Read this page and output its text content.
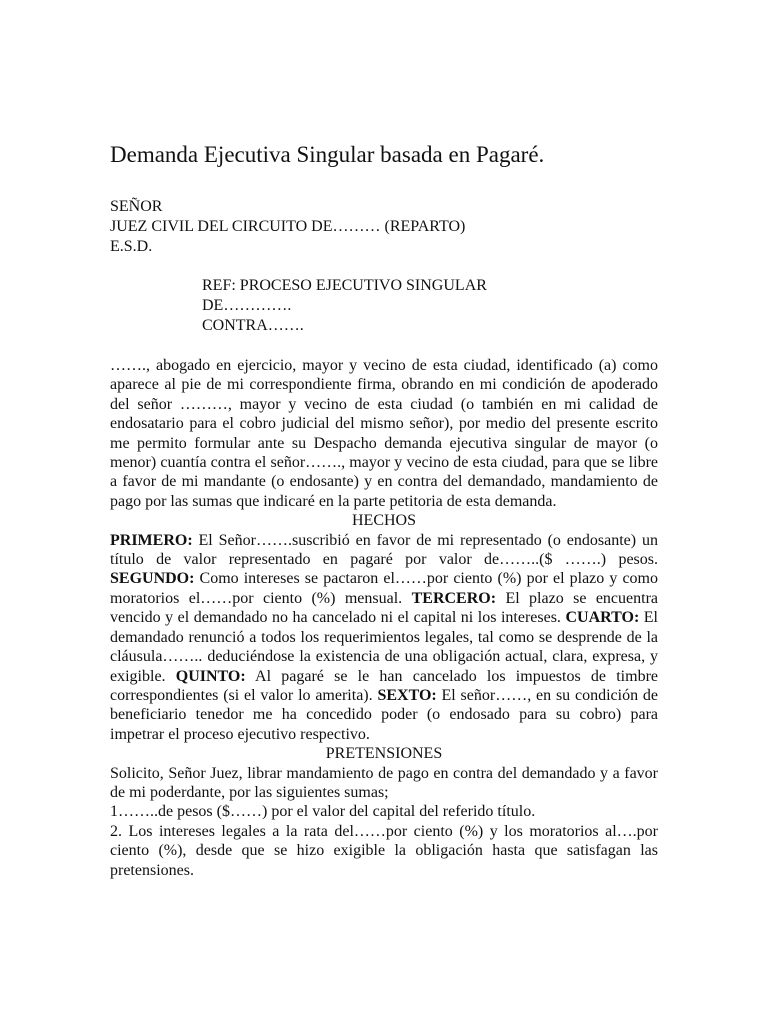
Demanda Ejecutiva Singular basada en Pagaré.
SEÑOR
JUEZ CIVIL DEL CIRCUITO DE……… (REPARTO)
E.S.D.
REF: PROCESO EJECUTIVO SINGULAR
DE………….
CONTRA…….

……., abogado en ejercicio, mayor y vecino de esta ciudad, identificado (a) como aparece al pie de mi correspondiente firma, obrando en mi condición de apoderado del señor ………, mayor y vecino de esta ciudad (o también en mi calidad de endosatario para el cobro judicial del mismo señor), por medio del presente escrito me permito formular ante su Despacho demanda ejecutiva singular de mayor (o menor) cuantía contra el señor……., mayor y vecino de esta ciudad, para que se libre a favor de mi mandante (o endosante) y en contra del demandado, mandamiento de pago por las sumas que indicaré en la parte petitoria de esta demanda.

HECHOS

PRIMERO: El Señor…….suscribió en favor de mi representado (o endosante) un título de valor representado en pagaré por valor de……..($ …….) pesos. SEGUNDO: Como intereses se pactaron el……por ciento (%) por el plazo y como moratorios el……por ciento (%) mensual. TERCERO: El plazo se encuentra vencido y el demandado no ha cancelado ni el capital ni los intereses. CUARTO: El demandado renunció a todos los requerimientos legales, tal como se desprende de la cláusula…….. deduciéndose la existencia de una obligación actual, clara, expresa, y exigible. QUINTO: Al pagaré se le han cancelado los impuestos de timbre correspondientes (si el valor lo amerita). SEXTO: El señor……, en su condición de beneficiario tenedor me ha concedido poder (o endosado para su cobro) para impetrar el proceso ejecutivo respectivo.

PRETENSIONES

Solicito, Señor Juez, librar mandamiento de pago en contra del demandado y a favor de mi poderdante, por las siguientes sumas;

1……..de pesos ($……) por el valor del capital del referido título.

2. Los intereses legales a la rata del……por ciento (%) y los moratorios al….por ciento (%), desde que se hizo exigible la obligación hasta que satisfagan las pretensiones.
